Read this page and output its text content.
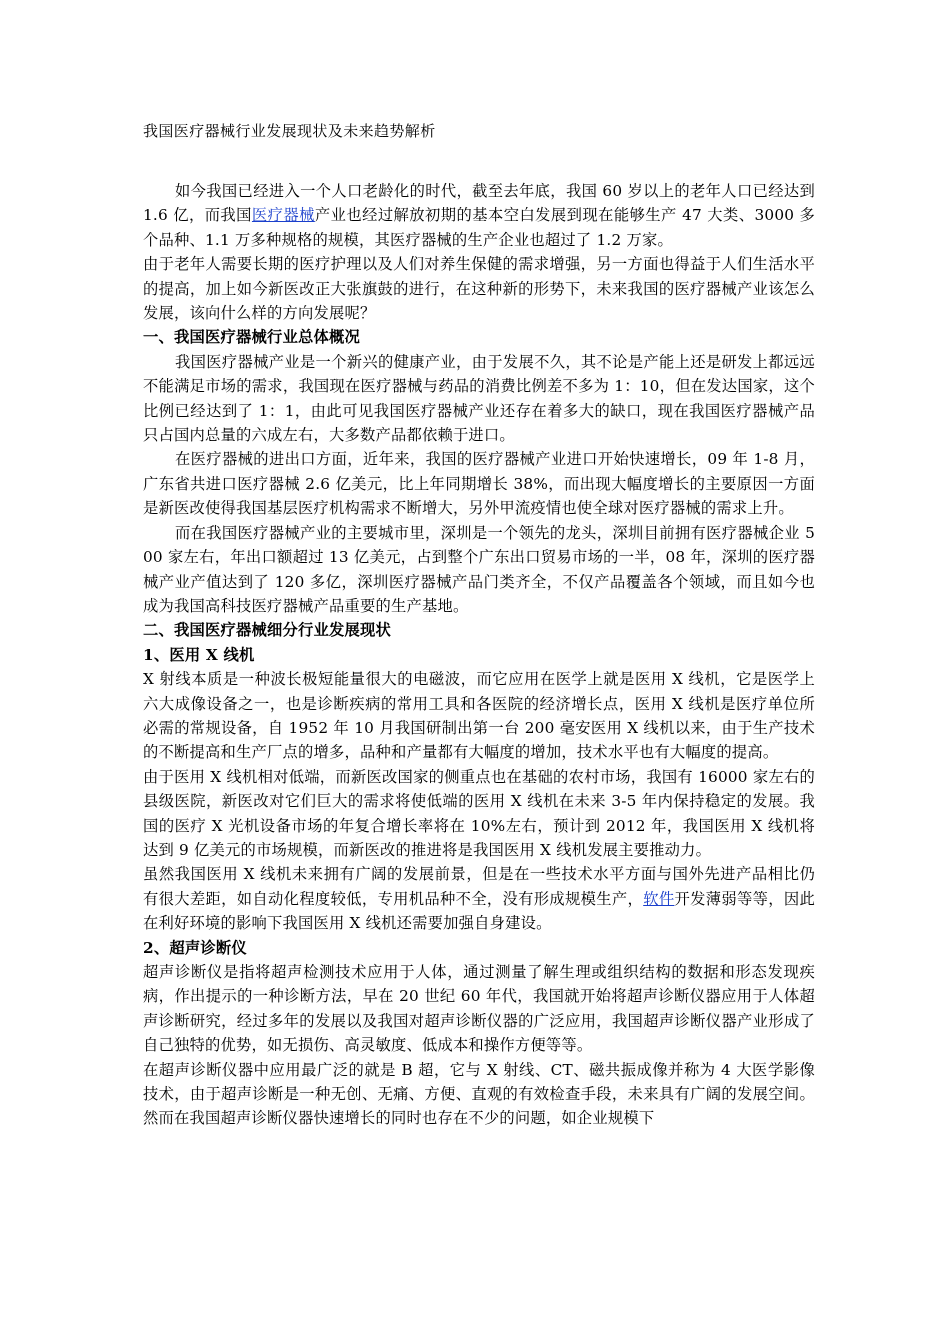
我国医疗器械行业发展现状及未来趋势解析

如今我国已经进入一个人口老龄化的时代，截至去年底，我国 60 岁以上的老年人口已经达到 1.6 亿，而我国医疗器械产业也经过解放初期的基本空白发展到现在能够生产 47 大类、3000 多个品种、1.1 万多种规格的规模，其医疗器械的生产企业也超过了 1.2 万家。

由于老年人需要长期的医疗护理以及人们对养生保健的需求增强，另一方面也得益于人们生活水平的提高，加上如今新医改正大张旗鼓的进行，在这种新的形势下，未来我国的医疗器械产业该怎么发展，该向什么样的方向发展呢？

一、我国医疗器械行业总体概况

我国医疗器械产业是一个新兴的健康产业，由于发展不久，其不论是产能上还是研发上都远远不能满足市场的需求，我国现在医疗器械与药品的消费比例差不多为 1：10，但在发达国家，这个比例已经达到了 1：1，由此可见我国医疗器械产业还存在着多大的缺口，现在我国医疗器械产品只占国内总量的六成左右，大多数产品都依赖于进口。

在医疗器械的进出口方面，近年来，我国的医疗器械产业进口开始快速增长，09 年 1-8 月，广东省共进口医疗器械 2.6 亿美元，比上年同期增长 38%，而出现大幅度增长的主要原因一方面是新医改使得我国基层医疗机构需求不断增大，另外甲流疫情也使全球对医疗器械的需求上升。

而在我国医疗器械产业的主要城市里，深圳是一个领先的龙头，深圳目前拥有医疗器械企业 500 家左右，年出口额超过 13 亿美元，占到整个广东出口贸易市场的一半，08 年，深圳的医疗器械产业产值达到了 120 多亿，深圳医疗器械产品门类齐全，不仅产品覆盖各个领域，而且如今也成为我国高科技医疗器械产品重要的生产基地。

二、我国医疗器械细分行业发展现状
1、医用 X 线机

X 射线本质是一种波长极短能量很大的电磁波，而它应用在医学上就是医用 X 线机，它是医学上六大成像设备之一，也是诊断疾病的常用工具和各医院的经济增长点，医用 X 线机是医疗单位所必需的常规设备，自 1952 年 10 月我国研制出第一台 200 毫安医用 X 线机以来，由于生产技术的不断提高和生产厂点的增多，品种和产量都有大幅度的增加，技术水平也有大幅度的提高。

由于医用 X 线机相对低端，而新医改国家的侧重点也在基础的农村市场，我国有 16000 家左右的县级医院，新医改对它们巨大的需求将使低端的医用 X 线机在未来 3-5 年内保持稳定的发展。我国的医疗 X 光机设备市场的年复合增长率将在 10%左右，预计到 2012 年，我国医用 X 线机将达到 9 亿美元的市场规模，而新医改的推进将是我国医用 X 线机发展主要推动力。

虽然我国医用 X 线机未来拥有广阔的发展前景，但是在一些技术水平方面与国外先进产品相比仍有很大差距，如自动化程度较低，专用机品种不全，没有形成规模生产，软件开发薄弱等等，因此在利好环境的影响下我国医用 X 线机还需要加强自身建设。

2、超声诊断仪

超声诊断仪是指将超声检测技术应用于人体，通过测量了解生理或组织结构的数据和形态发现疾病，作出提示的一种诊断方法，早在 20 世纪 60 年代，我国就开始将超声诊断仪器应用于人体超声诊断研究，经过多年的发展以及我国对超声诊断仪器的广泛应用，我国超声诊断仪器产业形成了自己独特的优势，如无损伤、高灵敏度、低成本和操作方便等等。

在超声诊断仪器中应用最广泛的就是 B 超，它与 X 射线、CT、磁共振成像并称为 4 大医学影像技术，由于超声诊断是一种无创、无痛、方便、直观的有效检查手段，未来具有广阔的发展空间。然而在我国超声诊断仪器快速增长的同时也存在不少的问题，如企业规模下
